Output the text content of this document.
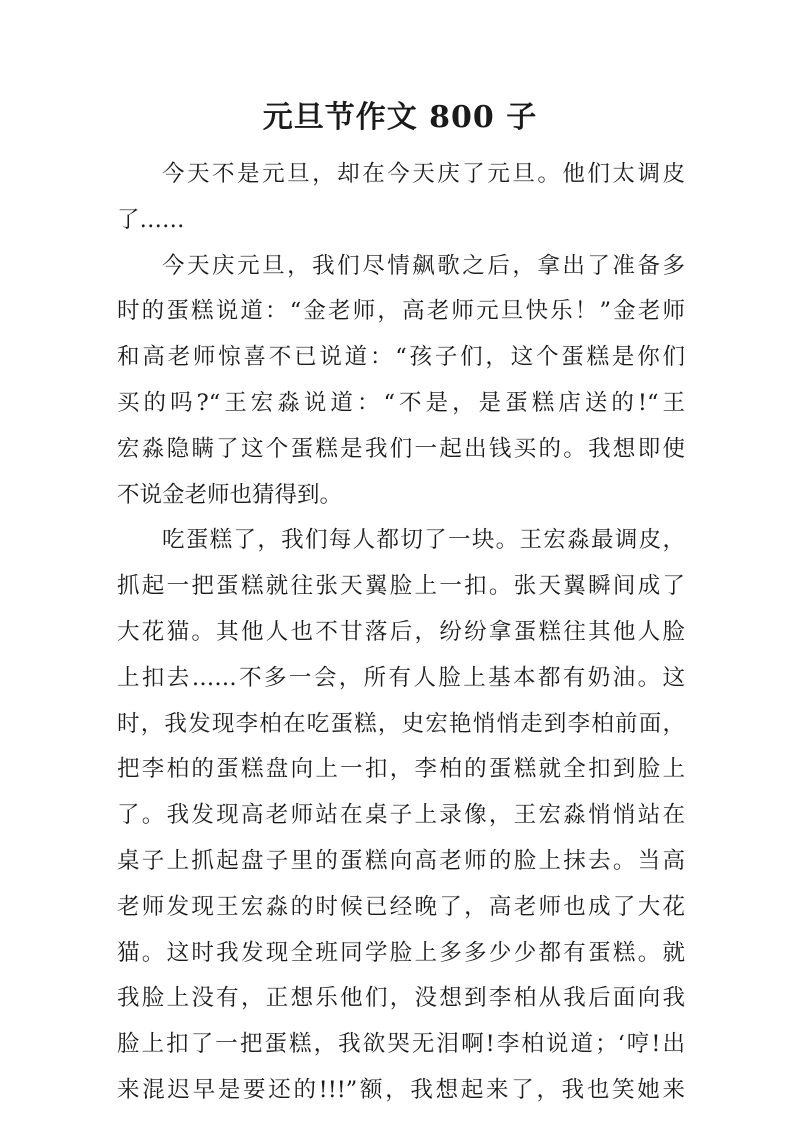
元旦节作文 800 子
今天不是元旦，却在今天庆了元旦。他们太调皮
了……
今天庆元旦，我们尽情飙歌之后，拿出了准备多
时的蛋糕说道：“金老师，高老师元旦快乐！”金老师
和高老师惊喜不已说道：“孩子们，这个蛋糕是你们
买的吗?“王宏淼说道：“不是，是蛋糕店送的!“王
宏淼隐瞒了这个蛋糕是我们一起出钱买的。我想即使
不说金老师也猜得到。
吃蛋糕了，我们每人都切了一块。王宏淼最调皮，
抓起一把蛋糕就往张天翼脸上一扣。张天翼瞬间成了
大花猫。其他人也不甘落后，纷纷拿蛋糕往其他人脸
上扣去……不多一会，所有人脸上基本都有奶油。这
时，我发现李柏在吃蛋糕，史宏艳悄悄走到李柏前面，
把李柏的蛋糕盘向上一扣，李柏的蛋糕就全扣到脸上
了。我发现高老师站在桌子上录像，王宏淼悄悄站在
桌子上抓起盘子里的蛋糕向高老师的脸上抹去。当高
老师发现王宏淼的时候已经晚了，高老师也成了大花
猫。这时我发现全班同学脸上多多少少都有蛋糕。就
我脸上没有，正想乐他们，没想到李柏从我后面向我
脸上扣了一把蛋糕，我欲哭无泪啊!李柏说道；‘哼!出
来混迟早是要还的!!!”额，我想起来了，我也笑她来
